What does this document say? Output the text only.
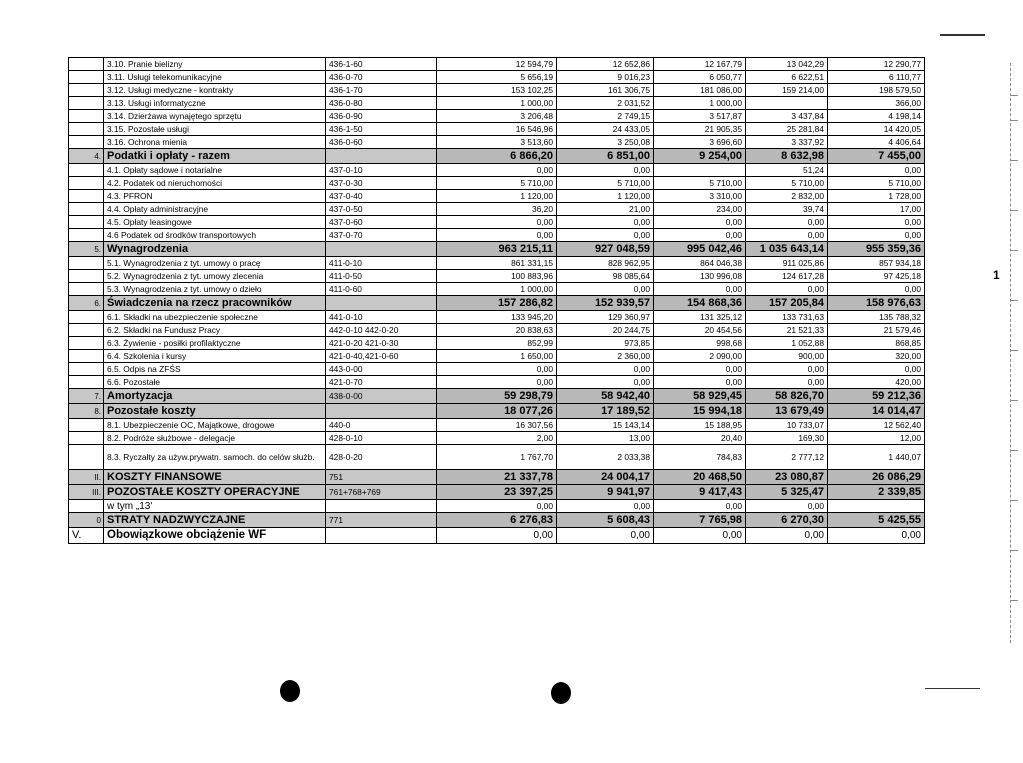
	3.10. Pranie bielizny	436-1-60	12 594,79	12 652,86	12 167,79	13 042,29	12 290,77
	3.11. Usługi telekomunikacyjne	436-0-70	5 656,19	9 016,23	6 050,77	6 622,51	6 110,77
	3.12. Usługi medyczne - kontrakty	436-1-70	153 102,25	161 306,75	181 086,00	159 214,00	198 579,50
	3.13. Usługi informatyczne	436-0-80	1 000,00	2 031,52	1 000,00		366,00
	3.14. Dzierżawa wynajętego sprzętu	436-0-90	3 206,48	2 749,15	3 517,87	3 437,84	4 198,14
	3.15. Pozostałe usługi	436-1-50	16 546,96	24 433,05	21 905,35	25 281,84	14 420,05
	3.16. Ochrona mienia	436-0-60	3 513,60	3 250,08	3 696,60	3 337,92	4 406,64
4.	Podatki i opłaty - razem		6 866,20	6 851,00	9 254,00	8 632,98	7 455,00
	4.1. Opłaty sądowe i notarialne	437-0-10	0,00	0,00		51,24	0,00
	4.2. Podatek od nieruchomości	437-0-30	5 710,00	5 710,00	5 710,00	5 710,00	5 710,00
	4.3. PFRON	437-0-40	1 120,00	1 120,00	3 310,00	2 832,00	1 728,00
	4.4. Opłaty administracyjne	437-0-50	36,20	21,00	234,00	39,74	17,00
	4.5. Opłaty leasingowe	437-0-60	0,00	0,00	0,00	0,00	0,00
	4.6 Podatek od środków transportowych	437-0-70	0,00	0,00	0,00	0,00	0,00
5.	Wynagrodzenia		963 215,11	927 048,59	995 042,46	1 035 643,14	955 359,36
	5.1. Wynagrodzenia z tyt. umowy o pracę	411-0-10	861 331,15	828 962,95	864 046,38	911 025,86	857 934,18
	5.2. Wynagrodzenia z tyt. umowy zlecenia	411-0-50	100 883,96	98 085,64	130 996,08	124 617,28	97 425,18
	5.3. Wynagrodzenia z tyt. umowy o dzieło	411-0-60	1 000,00	0,00	0,00	0,00	0,00
6.	Świadczenia na rzecz pracowników		157 286,82	152 939,57	154 868,36	157 205,84	158 976,63
	6.1. Składki na ubezpieczenie społeczne	441-0-10	133 945,20	129 360,97	131 325,12	133 731,63	135 788,32
	6.2. Składki na Fundusz Pracy	442-0-10 442-0-20	20 838,63	20 244,75	20 454,56	21 521,33	21 579,46
	6.3. Żywienie - posiłki profilaktyczne	421-0-20 421-0-30	852,99	973,85	998,68	1 052,88	868,85
	6.4. Szkolenia i kursy	421-0-40,421-0-60	1 650,00	2 360,00	2 090,00	900,00	320,00
	6.5. Odpis na ZFŚS	443-0-00	0,00	0,00	0,00	0,00	0,00
	6.6. Pozostałe	421-0-70	0,00	0,00	0,00	0,00	420,00
7.	Amortyzacja	438-0-00	59 298,79	58 942,40	58 929,45	58 826,70	59 212,36
8.	Pozostałe koszty		18 077,26	17 189,52	15 994,18	13 679,49	14 014,47
	8.1. Ubezpieczenie OC, Majątkowe, drogowe	440-0	16 307,56	15 143,14	15 188,95	10 733,07	12 562,40
	8.2. Podróże służbowe - delegacje	428-0-10	2,00	13,00	20,40	169,30	12,00
	8.3. Ryczałty za używ.prywatn. samoch. do celów służb.	428-0-20	1 767,70	2 033,38	784,83	2 777,12	1 440,07
II.	KOSZTY FINANSOWE	751	21 337,78	24 004,17	20 468,50	23 080,87	26 086,29
III.	POZOSTAŁE KOSZTY OPERACYJNE	761+768+769	23 397,25	9 941,97	9 417,43	5 325,47	2 339,85
	w tym „13'		0,00	0,00	0,00	0,00	
0	STRATY NADZWYCZAJNE	771	6 276,83	5 608,43	7 765,98	6 270,30	5 425,55
V.	Obowiązkowe obciążenie WF		0,00	0,00	0,00	0,00	0,00
1
